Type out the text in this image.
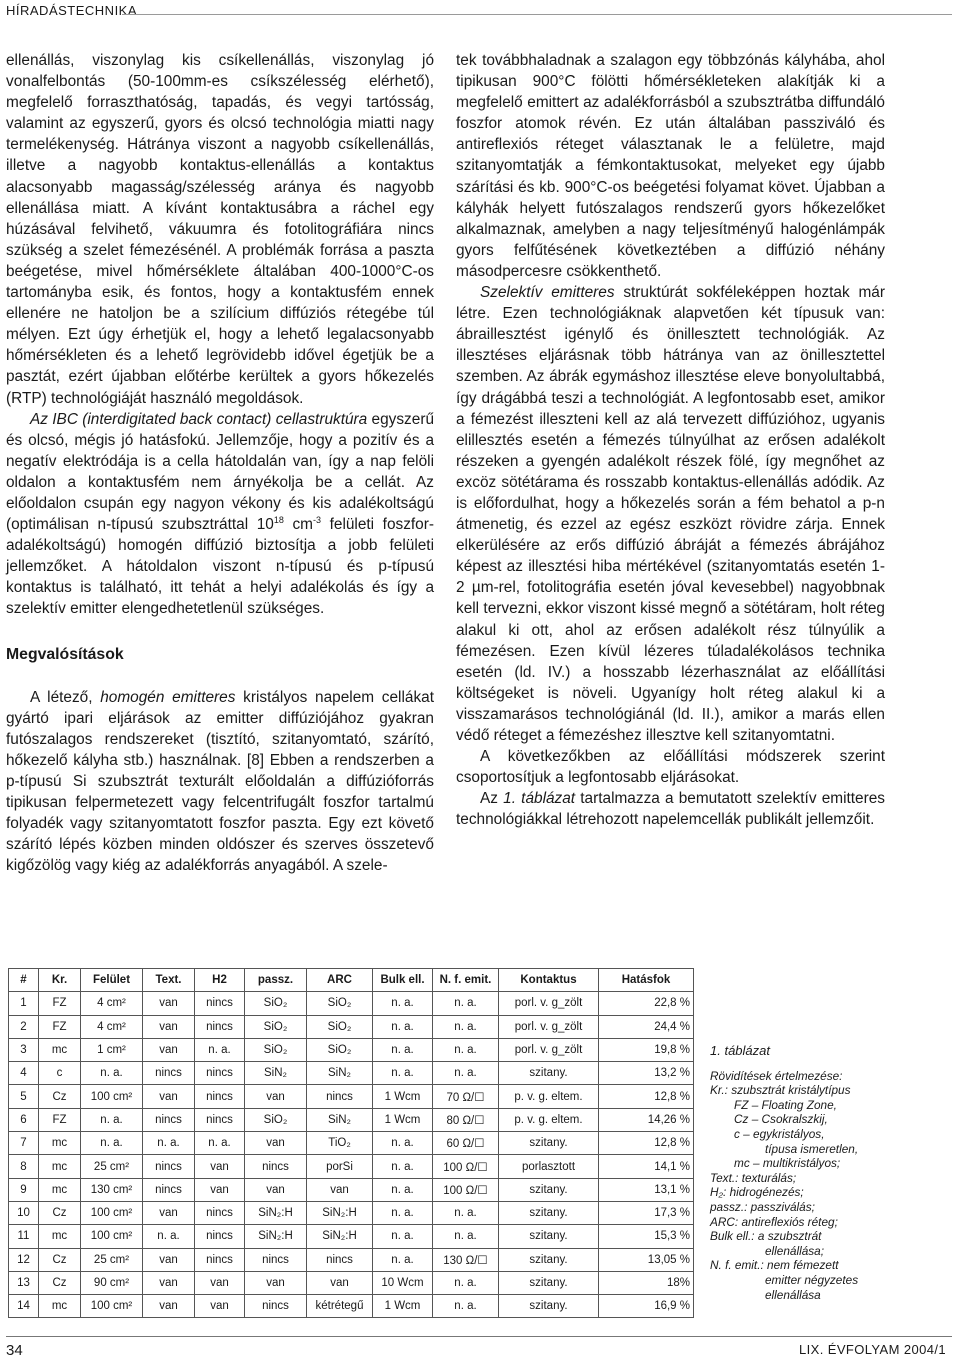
HÍRADÁSTECHNIKA

ellenállás, viszonylag kis csíkellenállás, viszonylag jó vonalfelbontás (50-100mm-es csíkszélesség elérhető), megfelelő forraszthatóság, tapadás, és vegyi tartósság, valamint az egyszerű, gyors és olcsó technológia miatti nagy termelékenység. Hátránya viszont a nagyobb csíkellenállás, illetve a nagyobb kontaktus-ellenállás a kontaktus alacsonyabb magasság/szélesség aránya és nagyobb ellenállása miatt. A kívánt kontaktusábra a rácheI egy húzásával felvihető, vákuumra és fotolitográfiára nincs szükség a szelet fémezésénél. A problémák forrása a paszta beégetése, mivel hőmérséklete általában 400-1000°C-os tartományba esik, és fontos, hogy a kontaktusfém ennek ellenére ne hatoljon be a szilícium diffúziós rétegébe túl mélyen. Ezt úgy érhetjük el, hogy a lehető legalacsonyabb hőmérsékleten és a lehető legrövidebb idővel égetjük be a pasztát, ezért újabban előtérbe kerültek a gyors hőkezelés (RTP) technológiáját használó megoldások.

Az IBC (interdigitated back contact) cellastruktúra egyszerű és olcsó, mégis jó hatásfokú. Jellemzője, hogy a pozitív és a negatív elektródája is a cella hátoldalán van, így a nap felöli oldalon a kontaktusfém nem árnyékolja be a cellát. Az előoldalon csupán egy nagyon vékony és kis adalékoltságú (optimálisan n-típusú szubsztráttal $10^{18}$ $cm^{-3}$ felületi foszfor-adalékoltságú) homogén diffúzió biztosítja a jobb felületi jellemzőket. A hátoldalon viszont n-típusú és p-típusú kontaktus is található, itt tehát a helyi adalékolás és így a szelektív emitter elengedhetetlenül szükséges.

Megvalósítások

A létező, homogén emitteres kristályos napelem cellákat gyártó ipari eljárások az emitter diffúziójához gyakran futószalagos rendszereket (tisztító, szitanyomtató, szárító, hőkezelő kályha stb.) használnak. [8] Ebben a rendszerben a p-típusú Si szubsztrát texturált előoldalán a diffúzióforrás tipikusan felpermetezett vagy felcentrifugált foszfor tartalmú folyadék vagy szitanyomtatott foszfor paszta. Egy ezt követő szárító lépés közben minden oldószer és szerves összetevő kigőzölög vagy kiég az adalékforrás anyagából. A szele-

tek továbbhaladnak a szalagon egy többzónás kályhába, ahol tipikusan 900°C fölötti hőmérsékleteken alakítják ki a megfelelő emittert az adalékforrásból a szubsztrátba diffundáló foszfor atomok révén. Ez után általában passziváló és antireflexiós réteget választanak le a felületre, majd szitanyomtatják a fémkontaktusokat, melyeket egy újabb szárítási és kb. 900°C-os beégetési folyamat követ. Újabban a kályhák helyett futószalagos rendszerű gyors hőkezelőket alkalmaznak, amelyben a nagy teljesítményű halogénlámpák gyors felfűtésének következtében a diffúzió néhány másodpercesre csökkenthető.

Szelektív emitteres struktúrát sokféleképpen hoztak már létre. Ezen technológiáknak alapvetően két típusuk van: ábraillesztést igénylő és önillesztett technológiák. Az illesztéses eljárásnak több hátránya van az önillesztettel szemben. Az ábrák egymáshoz illesztése eleve bonyolultabbá, így drágábbá teszi a technológiát. A legfontosabb eset, amikor a fémezést illeszteni kell az alá tervezett diffúzióhoz, ugyanis elillesztés esetén a fémezés túlnyúlhat az erősen adalékolt részeken a gyengén adalékolt részek fölé, így megnőhet az excöz sötétárama és rosszabb kontaktus-ellenállás adódik. Az is előfordulhat, hogy a hőkezelés során a fém behatol a p-n átmenetig, és ezzel az egész eszközt rövidre zárja. Ennek elkerülésére az erős diffúzió ábráját a fémezés ábrájához képest az illesztési hiba mértékével (szitanyomtatás esetén 1-2 µm-rel, fotolitográfia esetén jóval kevesebbel) nagyobbnak kell tervezni, ekkor viszont kissé megnő a sötétáram, holt réteg alakul ki ott, ahol az erősen adalékolt rész túlnyúlik a fémezésen. Ezen kívül lézeres túladalékolásos technika esetén (ld. IV.) a hosszabb lézerhasználat az előállítási költségeket is növeli. Ugyanígy holt réteg alakul ki a visszamarásos technológiánál (ld. II.), amikor a marás ellen védő réteget a fémezéshez illesztve kell szitanyomtatni.

A következőkben az előállítási módszerek szerint csoportosítjuk a legfontosabb eljárásokat.

Az 1. táblázat tartalmazza a bemutatott szelektív emitteres technológiákkal létrehozott napelemcellák publikált jellemzőit.

#	Kr.	Felület	Text.	H2	passz.	ARC	Bulk ell.	N. f. emit.	Kontaktus	Hatásfok
1	FZ	4 cm²	van	nincs	SiO₂	SiO₂	n. a.	n. a.	porl. v. g_zölt	22,8 %
2	FZ	4 cm²	van	nincs	SiO₂	SiO₂	n. a.	n. a.	porl. v. g_zölt	24,4 %
3	mc	1 cm²	van	n. a.	SiO₂	SiO₂	n. a.	n. a.	porl. v. g_zölt	19,8 %
4	c	n. a.	nincs	nincs	SiN₂	SiN₂	n. a.	n. a.	szitany.	13,2 %
5	Cz	100 cm²	van	nincs	van	nincs	1 Wcm	70 Ω/☐	p. v. g. eltem.	12,8 %
6	FZ	n. a.	nincs	nincs	SiO₂	SiN₂	1 Wcm	80 Ω/☐	p. v. g. eltem.	14,26 %
7	mc	n. a.	n. a.	n. a.	van	TiO₂	n. a.	60 Ω/☐	szitany.	12,8 %
8	mc	25 cm²	nincs	van	nincs	porSi	n. a.	100 Ω/☐	porlasztott	14,1 %
9	mc	130 cm²	nincs	van	van	van	n. a.	100 Ω/☐	szitany.	13,1 %
10	Cz	100 cm²	van	nincs	SiN₂:H	SiN₂:H	n. a.	n. a.	szitany.	17,3 %
11	mc	100 cm²	n. a.	nincs	SiN₂:H	SiN₂:H	n. a.	n. a.	szitany.	15,3 %
12	Cz	25 cm²	van	nincs	nincs	nincs	n. a.	130 Ω/☐	szitany.	13,05 %
13	Cz	90 cm²	van	van	van	van	10 Wcm	n. a.	szitany.	18%
14	mc	100 cm²	van	van	nincs	kétrétegű	1 Wcm	n. a.	szitany.	16,9 %
1. táblázat
Rövidítések értelmezése:
Kr.: szubsztrát kristálytípus
FZ – Floating Zone,
Cz – Csokralszkij,
c – egykristályos,
típusa ismeretlen,
mc – multikristályos;
Text.: texturálás;
H₂: hidrogénezés;
passz.: passziválás;
ARC: antireflexiós réteg;
Bulk ell.: a szubsztrát
ellenállása;
N. f. emit.: nem fémezett
emitter négyzetes
ellenállása
34	LIX. ÉVFOLYAM 2004/1
